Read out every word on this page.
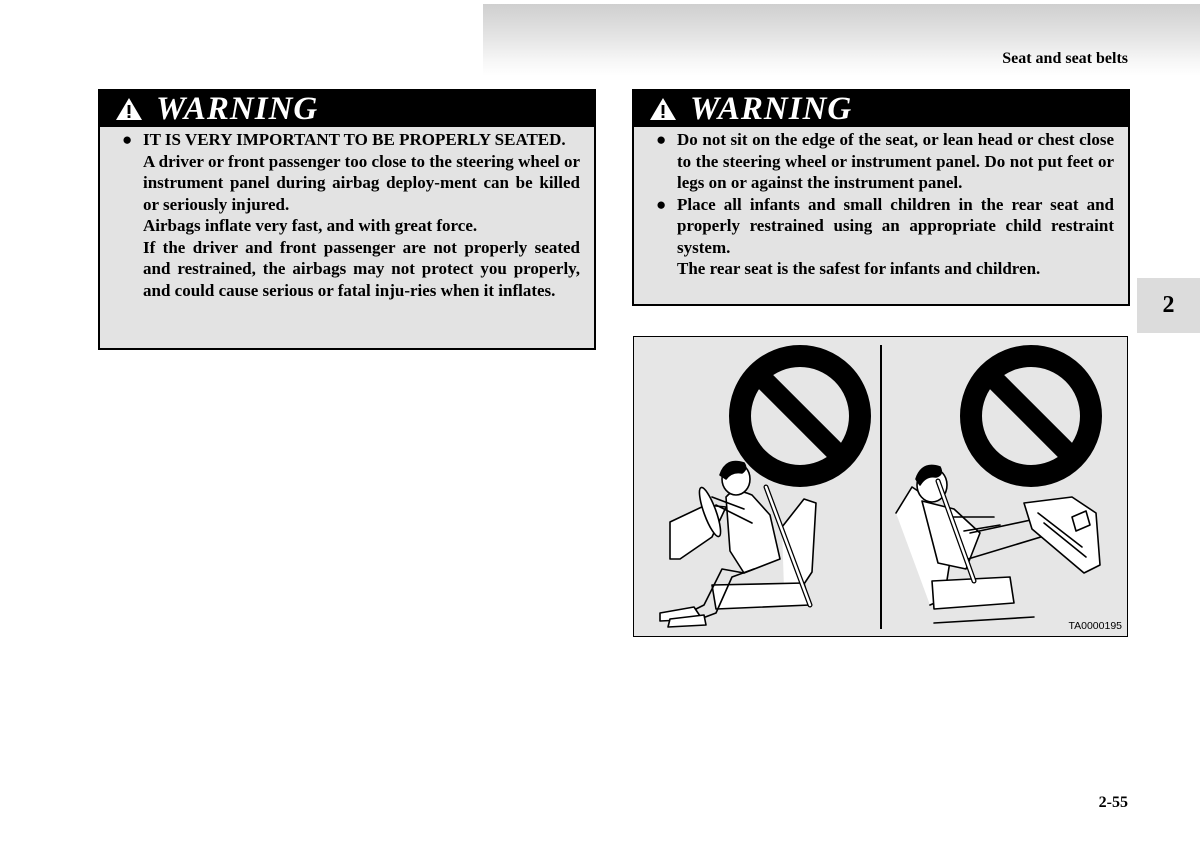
Seat and seat belts
2
WARNING
● IT IS VERY IMPORTANT TO BE PROPERLY SEATED.

A driver or front passenger too close to the steering wheel or instrument panel during airbag deploy-ment can be killed or seriously injured.

Airbags inflate very fast, and with great force.

If the driver and front passenger are not properly seated and restrained, the airbags may not protect you properly, and could cause serious or fatal inju-ries when it inflates.

WARNING
● Do not sit on the edge of the seat, or lean head or chest close to the steering wheel or instrument panel. Do not put feet or legs on or against the instrument panel.

● Place all infants and small children in the rear seat and properly restrained using an appropriate child restraint system.

The rear seat is the safest for infants and children.

TA0000195
2-55
